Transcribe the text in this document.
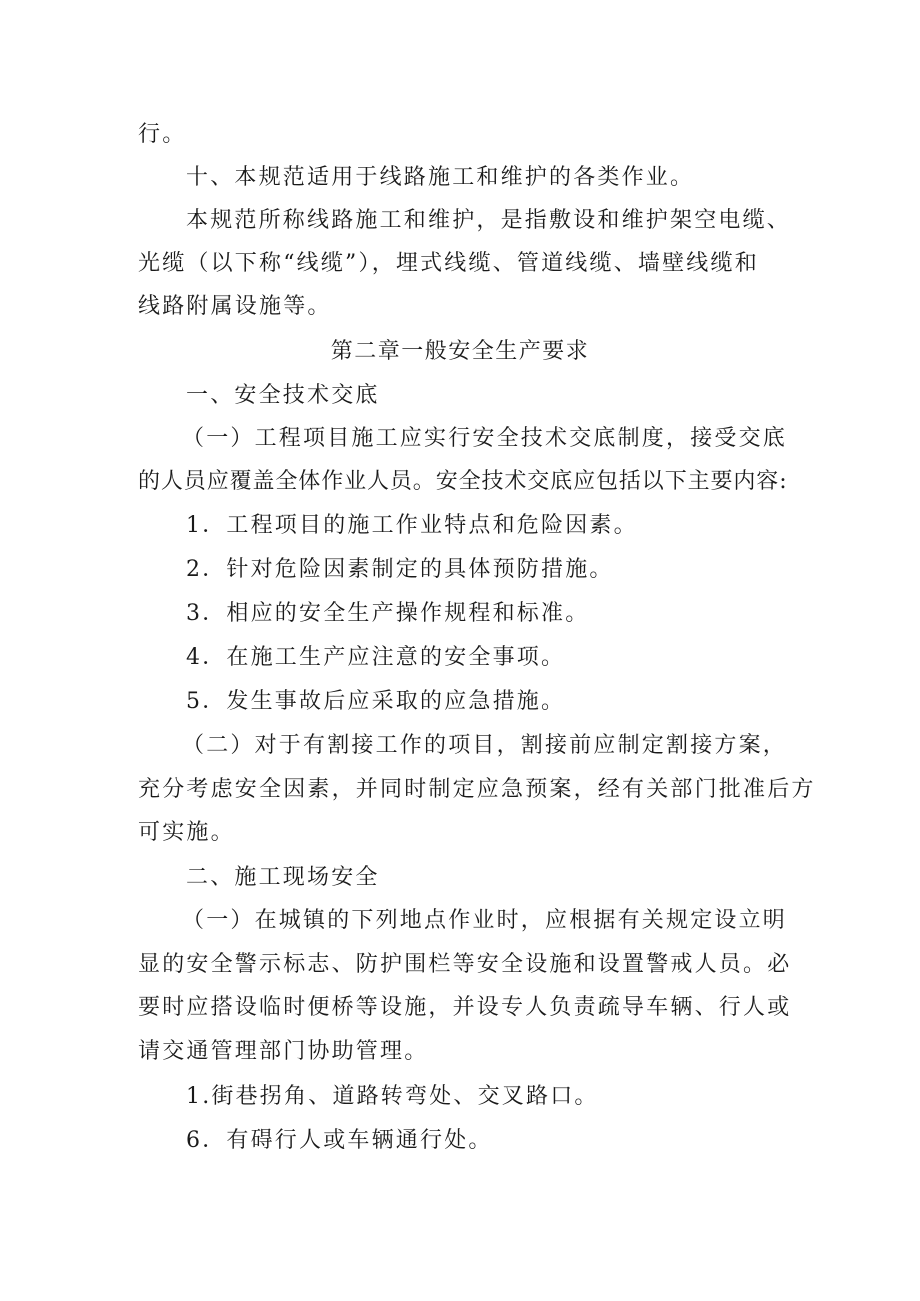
行。
十、本规范适用于线路施工和维护的各类作业。
本规范所称线路施工和维护，是指敷设和维护架空电缆、
光缆（以下称“线缆”），埋式线缆、管道线缆、墙壁线缆和
线路附属设施等。
第二章一般安全生产要求
一、安全技术交底
（一）工程项目施工应实行安全技术交底制度，接受交底
的人员应覆盖全体作业人员。安全技术交底应包括以下主要内容:
1．工程项目的施工作业特点和危险因素。
2．针对危险因素制定的具体预防措施。
3．相应的安全生产操作规程和标准。
4．在施工生产应注意的安全事项。
5．发生事故后应采取的应急措施。
（二）对于有割接工作的项目，割接前应制定割接方案，
充分考虑安全因素，并同时制定应急预案，经有关部门批准后方
可实施。
二、施工现场安全
（一）在城镇的下列地点作业时，应根据有关规定设立明
显的安全警示标志、防护围栏等安全设施和设置警戒人员。必
要时应搭设临时便桥等设施，并设专人负责疏导车辆、行人或
请交通管理部门协助管理。
1.街巷拐角、道路转弯处、交叉路口。
6．有碍行人或车辆通行处。
